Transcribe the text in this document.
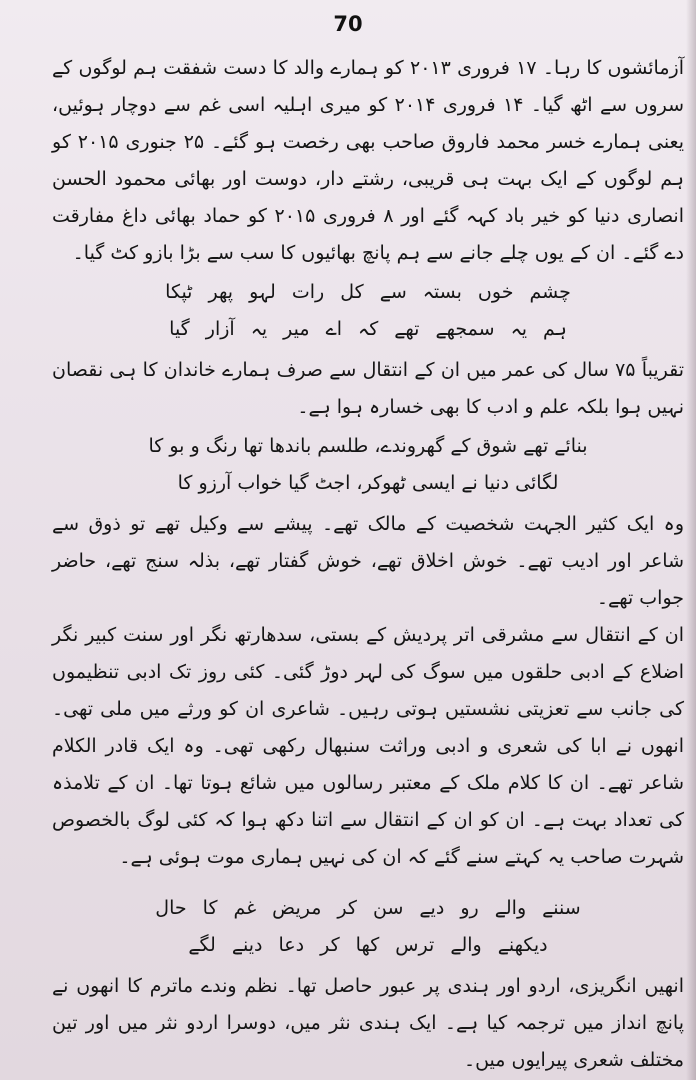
70

آزمائشوں کا رہا۔ ۱۷ فروری ۲۰۱۳ کو ہمارے والد کا دست شفقت ہم لوگوں کے سروں سے اٹھ گیا۔ ۱۴ فروری ۲۰۱۴ کو میری اہلیہ اسی غم سے دوچار ہوئیں، یعنی ہمارے خسر محمد فاروق صاحب بھی رخصت ہو گئے۔ ۲۵ جنوری ۲۰۱۵ کو ہم لوگوں کے ایک بہت ہی قریبی، رشتے دار، دوست اور بھائی محمود الحسن انصاری دنیا کو خیر باد کہہ گئے اور ۸ فروری ۲۰۱۵ کو حماد بھائی داغ مفارقت دے گئے۔ ان کے یوں چلے جانے سے ہم پانچ بھائیوں کا سب سے بڑا بازو کٹ گیا۔

چشم خوں بستہ سے کل رات لہو پھر ٹپکا
ہم یہ سمجھے تھے کہ اے میر یہ آزار گیا

تقریباً ۷۵ سال کی عمر میں ان کے انتقال سے صرف ہمارے خاندان کا ہی نقصان نہیں ہوا بلکہ علم و ادب کا بھی خسارہ ہوا ہے۔

بنائے تھے شوق کے گھروندے، طلسم باندھا تھا رنگ و بو کا
لگائی دنیا نے ایسی ٹھوکر، اجٹ گیا خواب آرزو کا

وہ ایک کثیر الجہت شخصیت کے مالک تھے۔ پیشے سے وکیل تھے تو ذوق سے شاعر اور ادیب تھے۔ خوش اخلاق تھے، خوش گفتار تھے، بذلہ سنج تھے، حاضر جواب تھے۔

ان کے انتقال سے مشرقی اتر پردیش کے بستی، سدھارتھ نگر اور سنت کبیر نگر اضلاع کے ادبی حلقوں میں سوگ کی لہر دوڑ گئی۔ کئی روز تک ادبی تنظیموں کی جانب سے تعزیتی نشستیں ہوتی رہیں۔ شاعری ان کو ورثے میں ملی تھی۔ انھوں نے ابا کی شعری و ادبی وراثت سنبھال رکھی تھی۔ وہ ایک قادر الکلام شاعر تھے۔ ان کا کلام ملک کے معتبر رسالوں میں شائع ہوتا تھا۔ ان کے تلامذہ کی تعداد بہت ہے۔ ان کو ان کے انتقال سے اتنا دکھ ہوا کہ کئی لوگ بالخصوص شہرت صاحب یہ کہتے سنے گئے کہ ان کی نہیں ہماری موت ہوئی ہے۔

سننے والے رو دیے سن کر مریض غم کا حال
دیکھنے والے ترس کھا کر دعا دینے لگے

انھیں انگریزی، اردو اور ہندی پر عبور حاصل تھا۔ نظم وندے ماترم کا انھوں نے پانچ انداز میں ترجمہ کیا ہے۔ ایک ہندی نثر میں، دوسرا اردو نثر میں اور تین مختلف شعری پیرایوں میں۔
